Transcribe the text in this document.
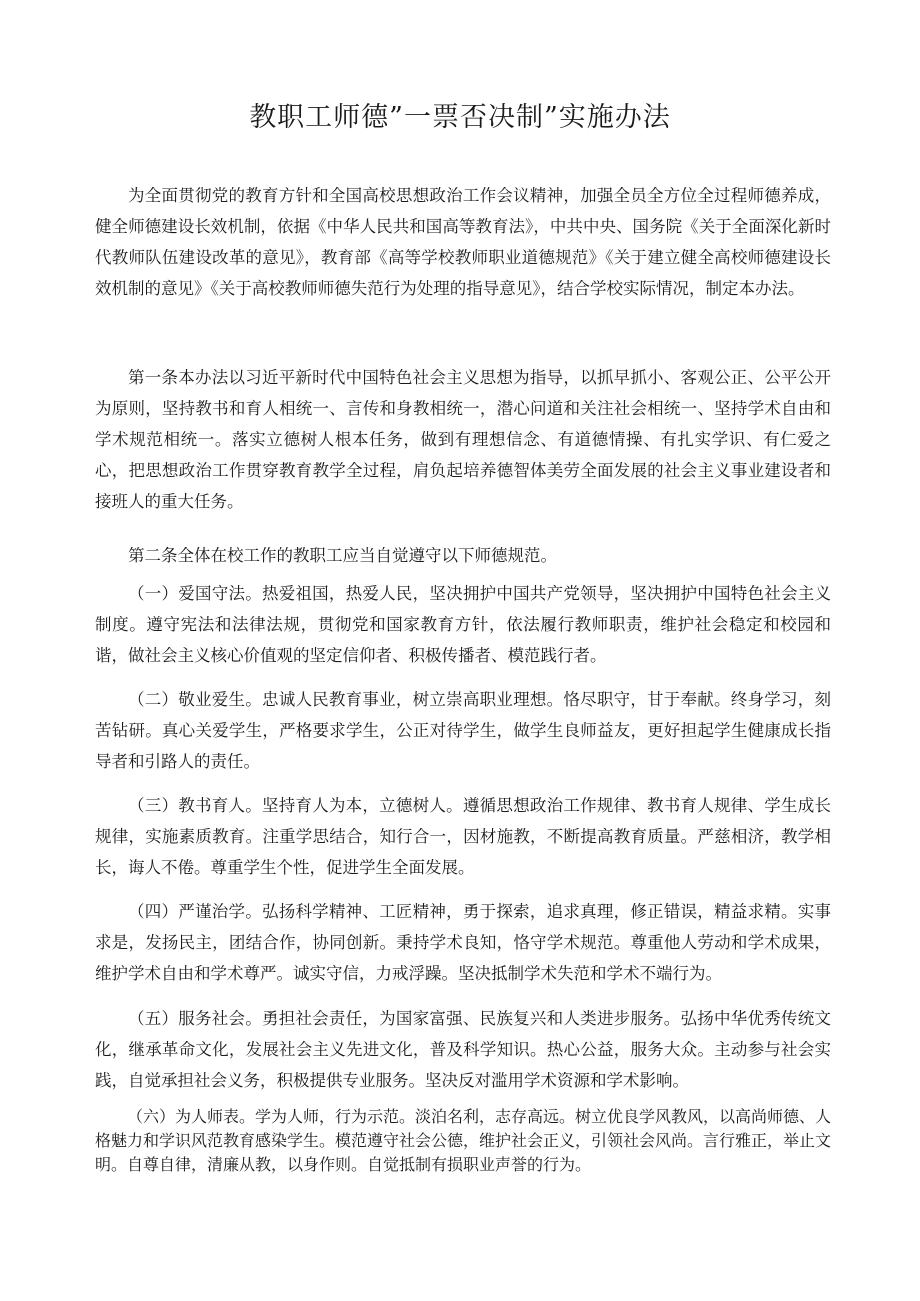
教职工师德”一票否决制”实施办法

为全面贯彻党的教育方针和全国高校思想政治工作会议精神，加强全员全方位全过程师德养成，健全师德建设长效机制，依据《中华人民共和国高等教育法》，中共中央、国务院《关于全面深化新时代教师队伍建设改革的意见》，教育部《高等学校教师职业道德规范》《关于建立健全高校师德建设长效机制的意见》《关于高校教师师德失范行为处理的指导意见》，结合学校实际情况，制定本办法。

第一条本办法以习近平新时代中国特色社会主义思想为指导，以抓早抓小、客观公正、公平公开为原则，坚持教书和育人相统一、言传和身教相统一，潜心问道和关注社会相统一、坚持学术自由和学术规范相统一。落实立德树人根本任务，做到有理想信念、有道德情操、有扎实学识、有仁爱之心，把思想政治工作贯穿教育教学全过程，肩负起培养德智体美劳全面发展的社会主义事业建设者和接班人的重大任务。

第二条全体在校工作的教职工应当自觉遵守以下师德规范。

（一）爱国守法。热爱祖国，热爱人民，坚决拥护中国共产党领导，坚决拥护中国特色社会主义制度。遵守宪法和法律法规，贯彻党和国家教育方针，依法履行教师职责，维护社会稳定和校园和谐，做社会主义核心价值观的坚定信仰者、积极传播者、模范践行者。

（二）敬业爱生。忠诚人民教育事业，树立崇高职业理想。恪尽职守，甘于奉献。终身学习，刻苦钻研。真心关爱学生，严格要求学生，公正对待学生，做学生良师益友，更好担起学生健康成长指导者和引路人的责任。

（三）教书育人。坚持育人为本，立德树人。遵循思想政治工作规律、教书育人规律、学生成长规律，实施素质教育。注重学思结合，知行合一，因材施教，不断提高教育质量。严慈相济，教学相长，诲人不倦。尊重学生个性，促进学生全面发展。

（四）严谨治学。弘扬科学精神、工匠精神，勇于探索，追求真理，修正错误，精益求精。实事求是，发扬民主，团结合作，协同创新。秉持学术良知，恪守学术规范。尊重他人劳动和学术成果，维护学术自由和学术尊严。诚实守信，力戒浮躁。坚决抵制学术失范和学术不端行为。

（五）服务社会。勇担社会责任，为国家富强、民族复兴和人类进步服务。弘扬中华优秀传统文化，继承革命文化，发展社会主义先进文化，普及科学知识。热心公益，服务大众。主动参与社会实践，自觉承担社会义务，积极提供专业服务。坚决反对滥用学术资源和学术影响。

（六）为人师表。学为人师，行为示范。淡泊名利，志存高远。树立优良学风教风，以高尚师德、人格魅力和学识风范教育感染学生。模范遵守社会公德，维护社会正义，引领社会风尚。言行雅正，举止文明。自尊自律，清廉从教，以身作则。自觉抵制有损职业声誉的行为。
